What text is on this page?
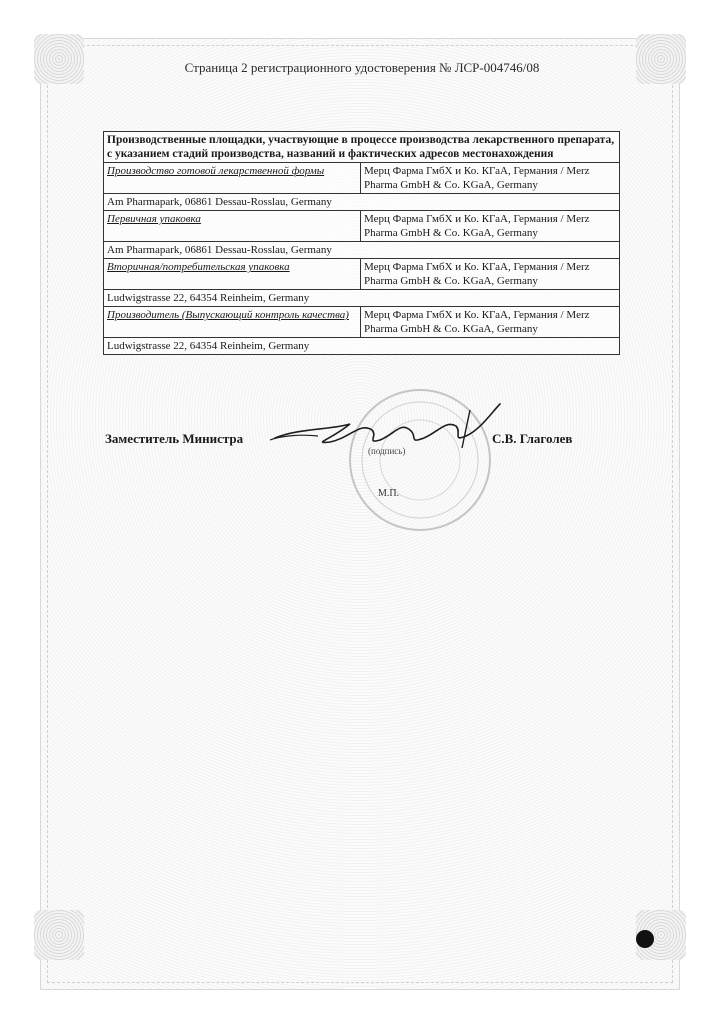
Страница 2 регистрационного удостоверения № ЛСР-004746/08
Производственные площадки, участвующие в процессе производства лекарственного препарата, с указанием стадий производства, названий и фактических адресов местонахождения	
Производство готовой лекарственной формы	Мерц Фарма ГмбХ и Ко. КГаА, Германия / Merz Pharma GmbH & Co. KGaA, Germany
Am Pharmapark, 06861 Dessau-Rosslau, Germany	
Первичная упаковка	Мерц Фарма ГмбХ и Ко. КГаА, Германия / Merz Pharma GmbH & Co. KGaA, Germany
Am Pharmapark, 06861 Dessau-Rosslau, Germany	
Вторичная/потребительская упаковка	Мерц Фарма ГмбХ и Ко. КГаА, Германия / Merz Pharma GmbH & Co. KGaA, Germany
Ludwigstrasse 22, 64354 Reinheim, Germany	
Производитель (Выпускающий контроль качества)	Мерц Фарма ГмбХ и Ко. КГаА, Германия / Merz Pharma GmbH & Co. KGaA, Germany
Ludwigstrasse 22, 64354 Reinheim, Germany	
Заместитель Министра	С.В. Глаголев
(подпись)
М.П.
